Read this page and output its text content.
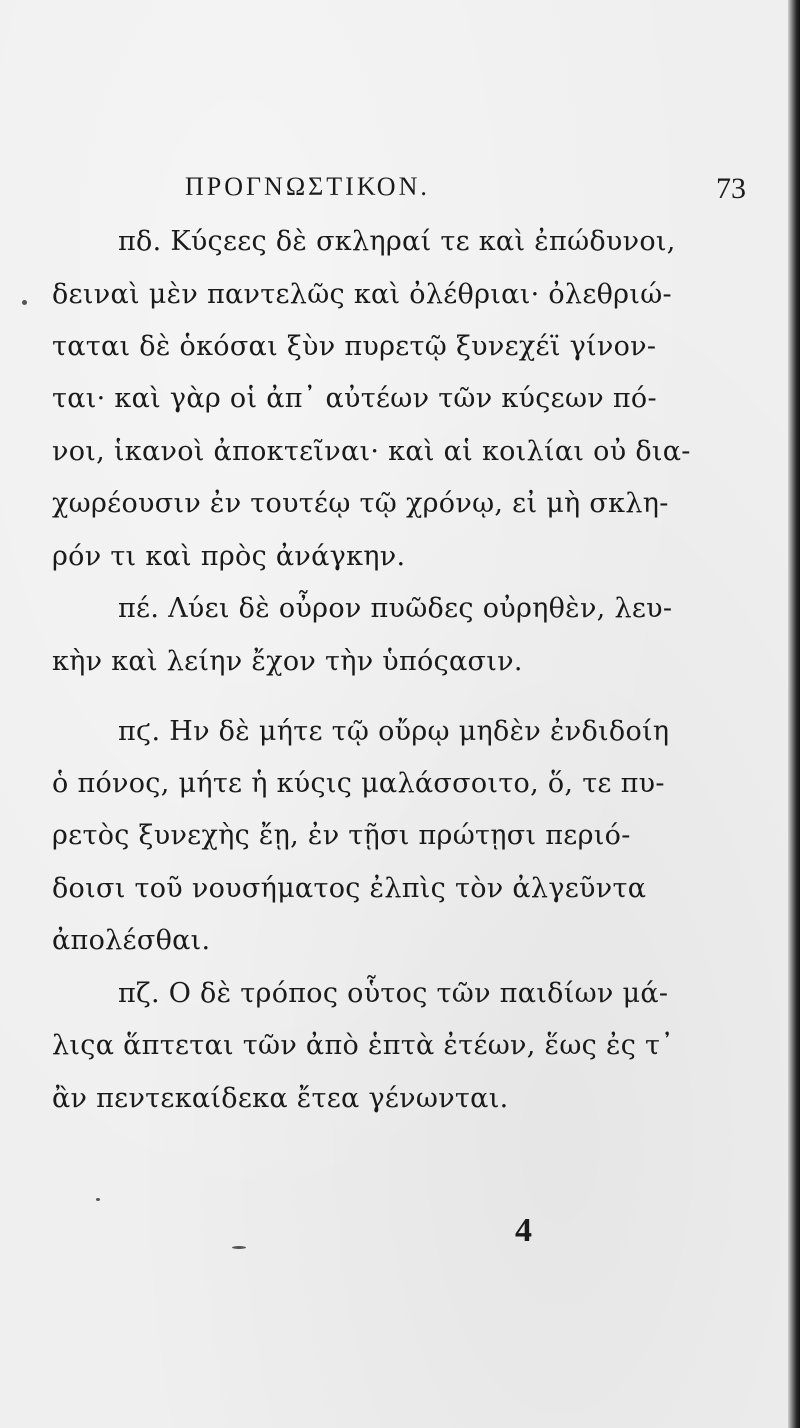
ΠΡΟΓΝΩΣΤΙΚΟΝ.	73
πδ. Κύςεες δὲ σκληραί τε καὶ ἐπώδυνοι,
δειναὶ μὲν παντελῶς καὶ ὀλέθριαι· ὀλεθριώ-
ταται δὲ ὁκόσαι ξὺν πυρετῷ ξυνεχέϊ γίνον-
ται· καὶ γὰρ οἱ ἀπ᾽ αὐτέων τῶν κύςεων πό-
νοι, ἱκανοὶ ἀποκτεῖναι· καὶ αἱ κοιλίαι οὐ δια-
χωρέουσιν ἐν τουτέῳ τῷ χρόνῳ, εἰ μὴ σκλη-
ρόν τι καὶ πρὸς ἀνάγκην.
πέ. Λύει δὲ οὖρον πυῶδες οὐρηθὲν, λευ-
κὴν καὶ λείην ἔχον τὴν ὑπόςασιν.
πϛ. Ην δὲ μήτε τῷ οὔρῳ μηδὲν ἐνδιδοίη
ὁ πόνος, μήτε ἡ κύςις μαλάσσοιτο, ὅ, τε πυ-
ρετὸς ξυνεχὴς ἔῃ, ἐν τῇσι πρώτῃσι περιό-
δοισι τοῦ νουσήματος ἐλπὶς τὸν ἀλγεῦντα
ἀπολέσθαι.
πζ. Ο δὲ τρόπος οὗτος τῶν παιδίων μά-
λιςα ἅπτεται τῶν ἀπὸ ἑπτὰ ἐτέων, ἕως ἐς τ᾽
ἂν πεντεκαίδεκα ἔτεα γένωνται.
4
